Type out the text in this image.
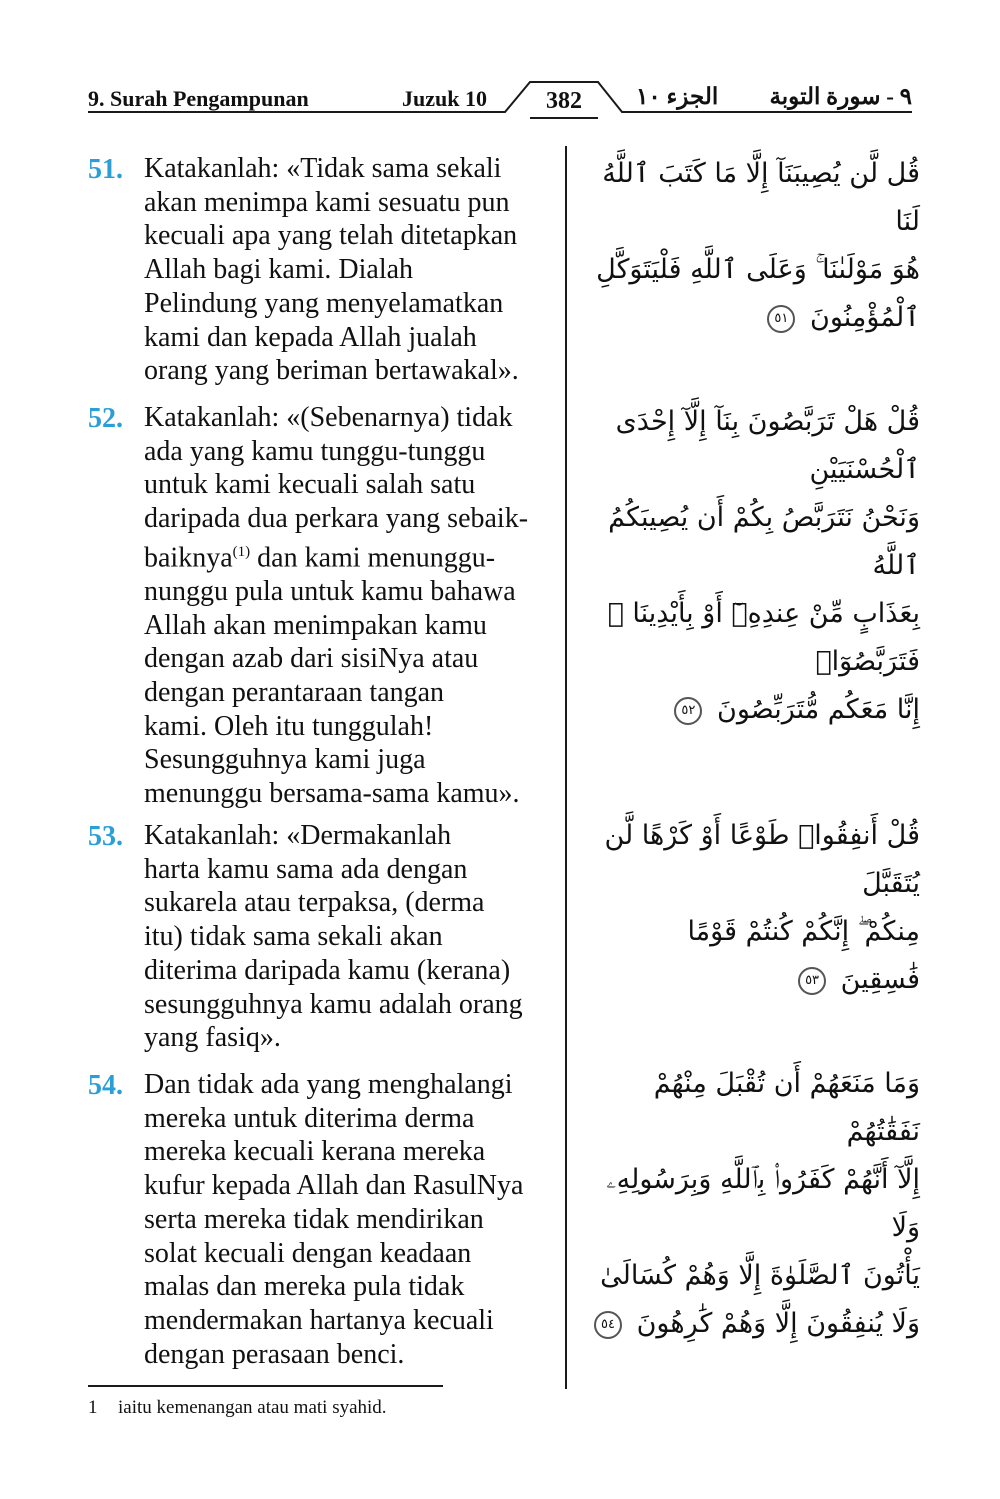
9. Surah Pengampunan	Juzuk 10	382	الجزء ١٠ ٩ - سورة التوبة
51. Katakanlah: «Tidak sama sekali
akan menimpa kami sesuatu pun
kecuali apa yang telah ditetapkan
Allah bagi kami. Dialah
Pelindung yang menyelamatkan
kami dan kepada Allah jualah
orang yang beriman bertawakal».
قُل لَّن يُصِيبَنَآ إِلَّا مَا كَتَبَ ٱللَّهُ لَنَا
هُوَ مَوْلَىٰنَا ۚ وَعَلَى ٱللَّهِ فَلْيَتَوَكَّلِ
ٱلْمُؤْمِنُونَ ٥١
52. Katakanlah: «(Sebenarnya) tidak
ada yang kamu tunggu-tunggu
untuk kami kecuali salah satu
daripada dua perkara yang sebaik-
baiknya$^{(1)}$ dan kami menunggu-
nunggu pula untuk kamu bahawa
Allah akan menimpakan kamu
dengan azab dari sisiNya atau
dengan perantaraan tangan
kami. Oleh itu tunggulah!
Sesungguhnya kami juga
menunggu bersama-sama kamu».
قُلْ هَلْ تَرَبَّصُونَ بِنَآ إِلَّآ إِحْدَى ٱلْحُسْنَيَيْنِ
وَنَحْنُ نَتَرَبَّصُ بِكُمْ أَن يُصِيبَكُمُ ٱللَّهُ
بِعَذَابٍ مِّنْ عِندِهِۦٓ أَوْ بِأَيْدِينَا ۖ فَتَرَبَّصُوٓا۟
إِنَّا مَعَكُم مُّتَرَبِّصُونَ ٥٢
53. Katakanlah: «Dermakanlah
harta kamu sama ada dengan
sukarela atau terpaksa, (derma
itu) tidak sama sekali akan
diterima daripada kamu (kerana)
sesungguhnya kamu adalah orang
yang fasiq».
قُلْ أَنفِقُوا۟ طَوْعًا أَوْ كَرْهًا لَّن يُتَقَبَّلَ
مِنكُمْ ۖ إِنَّكُمْ كُنتُمْ قَوْمًا
فَٰسِقِينَ ٥٣
54. Dan tidak ada yang menghalangi
mereka untuk diterima derma
mereka kecuali kerana mereka
kufur kepada Allah dan RasulNya
serta mereka tidak mendirikan
solat kecuali dengan keadaan
malas dan mereka pula tidak
mendermakan hartanya kecuali
dengan perasaan benci.
وَمَا مَنَعَهُمْ أَن تُقْبَلَ مِنْهُمْ نَفَقَٰتُهُمْ
إِلَّآ أَنَّهُمْ كَفَرُوا۟ بِٱللَّهِ وَبِرَسُولِهِۦ وَلَا
يَأْتُونَ ٱلصَّلَوٰةَ إِلَّا وَهُمْ كُسَالَىٰ
وَلَا يُنفِقُونَ إِلَّا وَهُمْ كَٰرِهُونَ ٥٤
1 iaitu kemenangan atau mati syahid.
